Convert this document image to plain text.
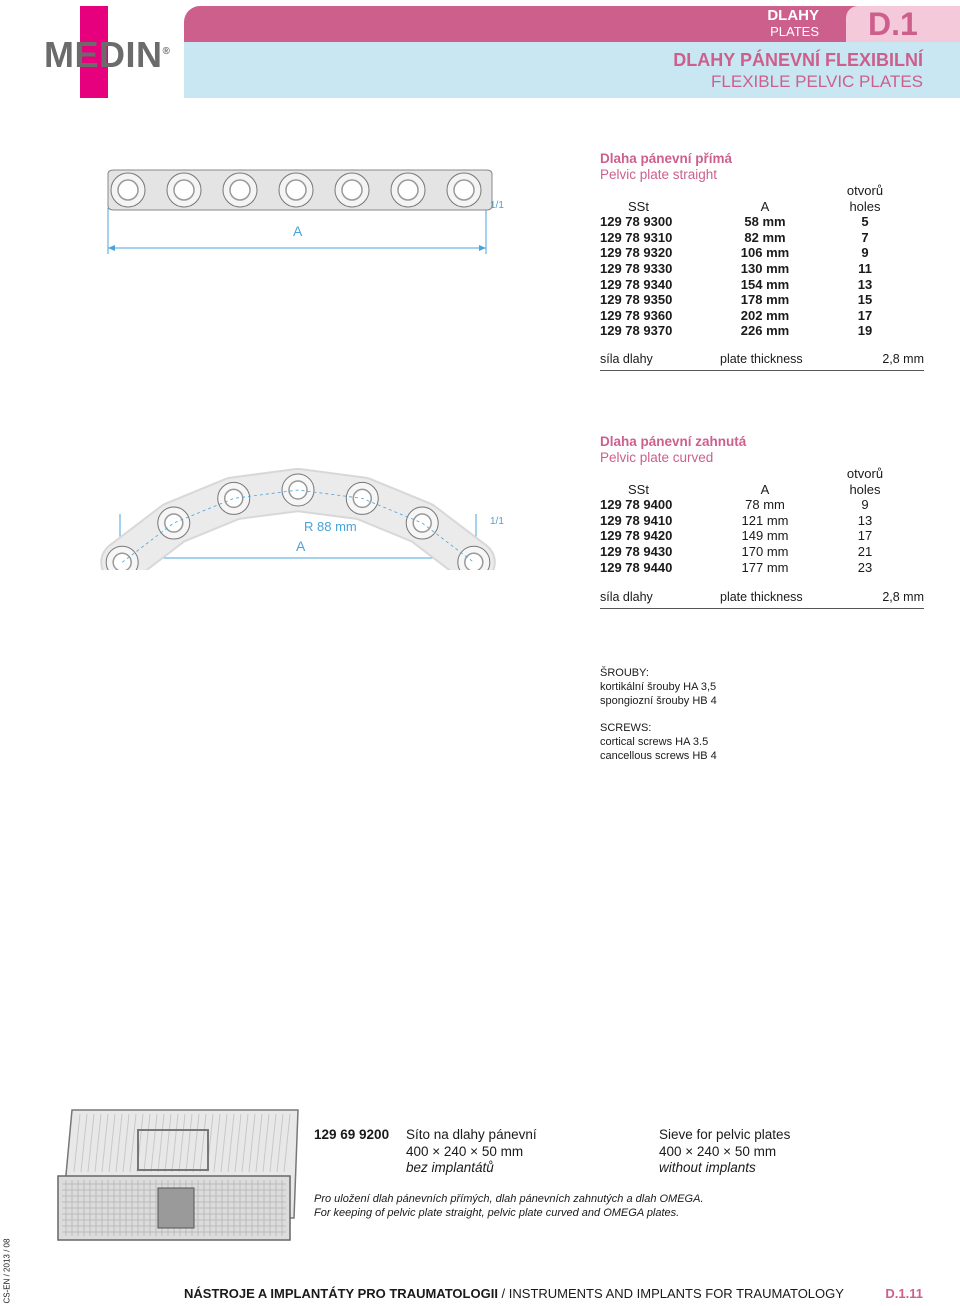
MEDIN®
DLAHY
PLATES	D.1
DLAHY PÁNEVNÍ FLEXIBILNÍ
FLEXIBLE PELVIC PLATES
A
1/1
Dlaha pánevní přímá
Pelvic plate straight
		otvorů
SSt	A	holes
129 78 9300	58 mm	5
129 78 9310	82 mm	7
129 78 9320	106 mm	9
129 78 9330	130 mm	11
129 78 9340	154 mm	13
129 78 9350	178 mm	15
129 78 9360	202 mm	17
129 78 9370	226 mm	19
síla dlahy	plate thickness	2,8 mm
R 88 mm
A
1/1
Dlaha pánevní zahnutá
Pelvic plate curved
		otvorů
SSt	A	holes
129 78 9400	78 mm	9
129 78 9410	121 mm	13
129 78 9420	149 mm	17
129 78 9430	170 mm	21
129 78 9440	177 mm	23
síla dlahy	plate thickness	2,8 mm
ŠROUBY:
kortikální šrouby HA 3,5
spongiozní šrouby HB 4
SCREWS:
cortical screws HA 3.5
cancellous screws HB 4
129 69 9200 Síto na dlahy pánevní
400 × 240 × 50 mm
bez implantátů
Sieve for pelvic plates
400 × 240 × 50 mm
without implants
Pro uložení dlah pánevních přímých, dlah pánevních zahnutých a dlah OMEGA.
For keeping of pelvic plate straight, pelvic plate curved and OMEGA plates.
CS-EN / 2013 / 08	NÁSTROJE A IMPLANTÁTY PRO TRAUMATOLOGII / INSTRUMENTS AND IMPLANTS FOR TRAUMATOLOGY	D.1.11
